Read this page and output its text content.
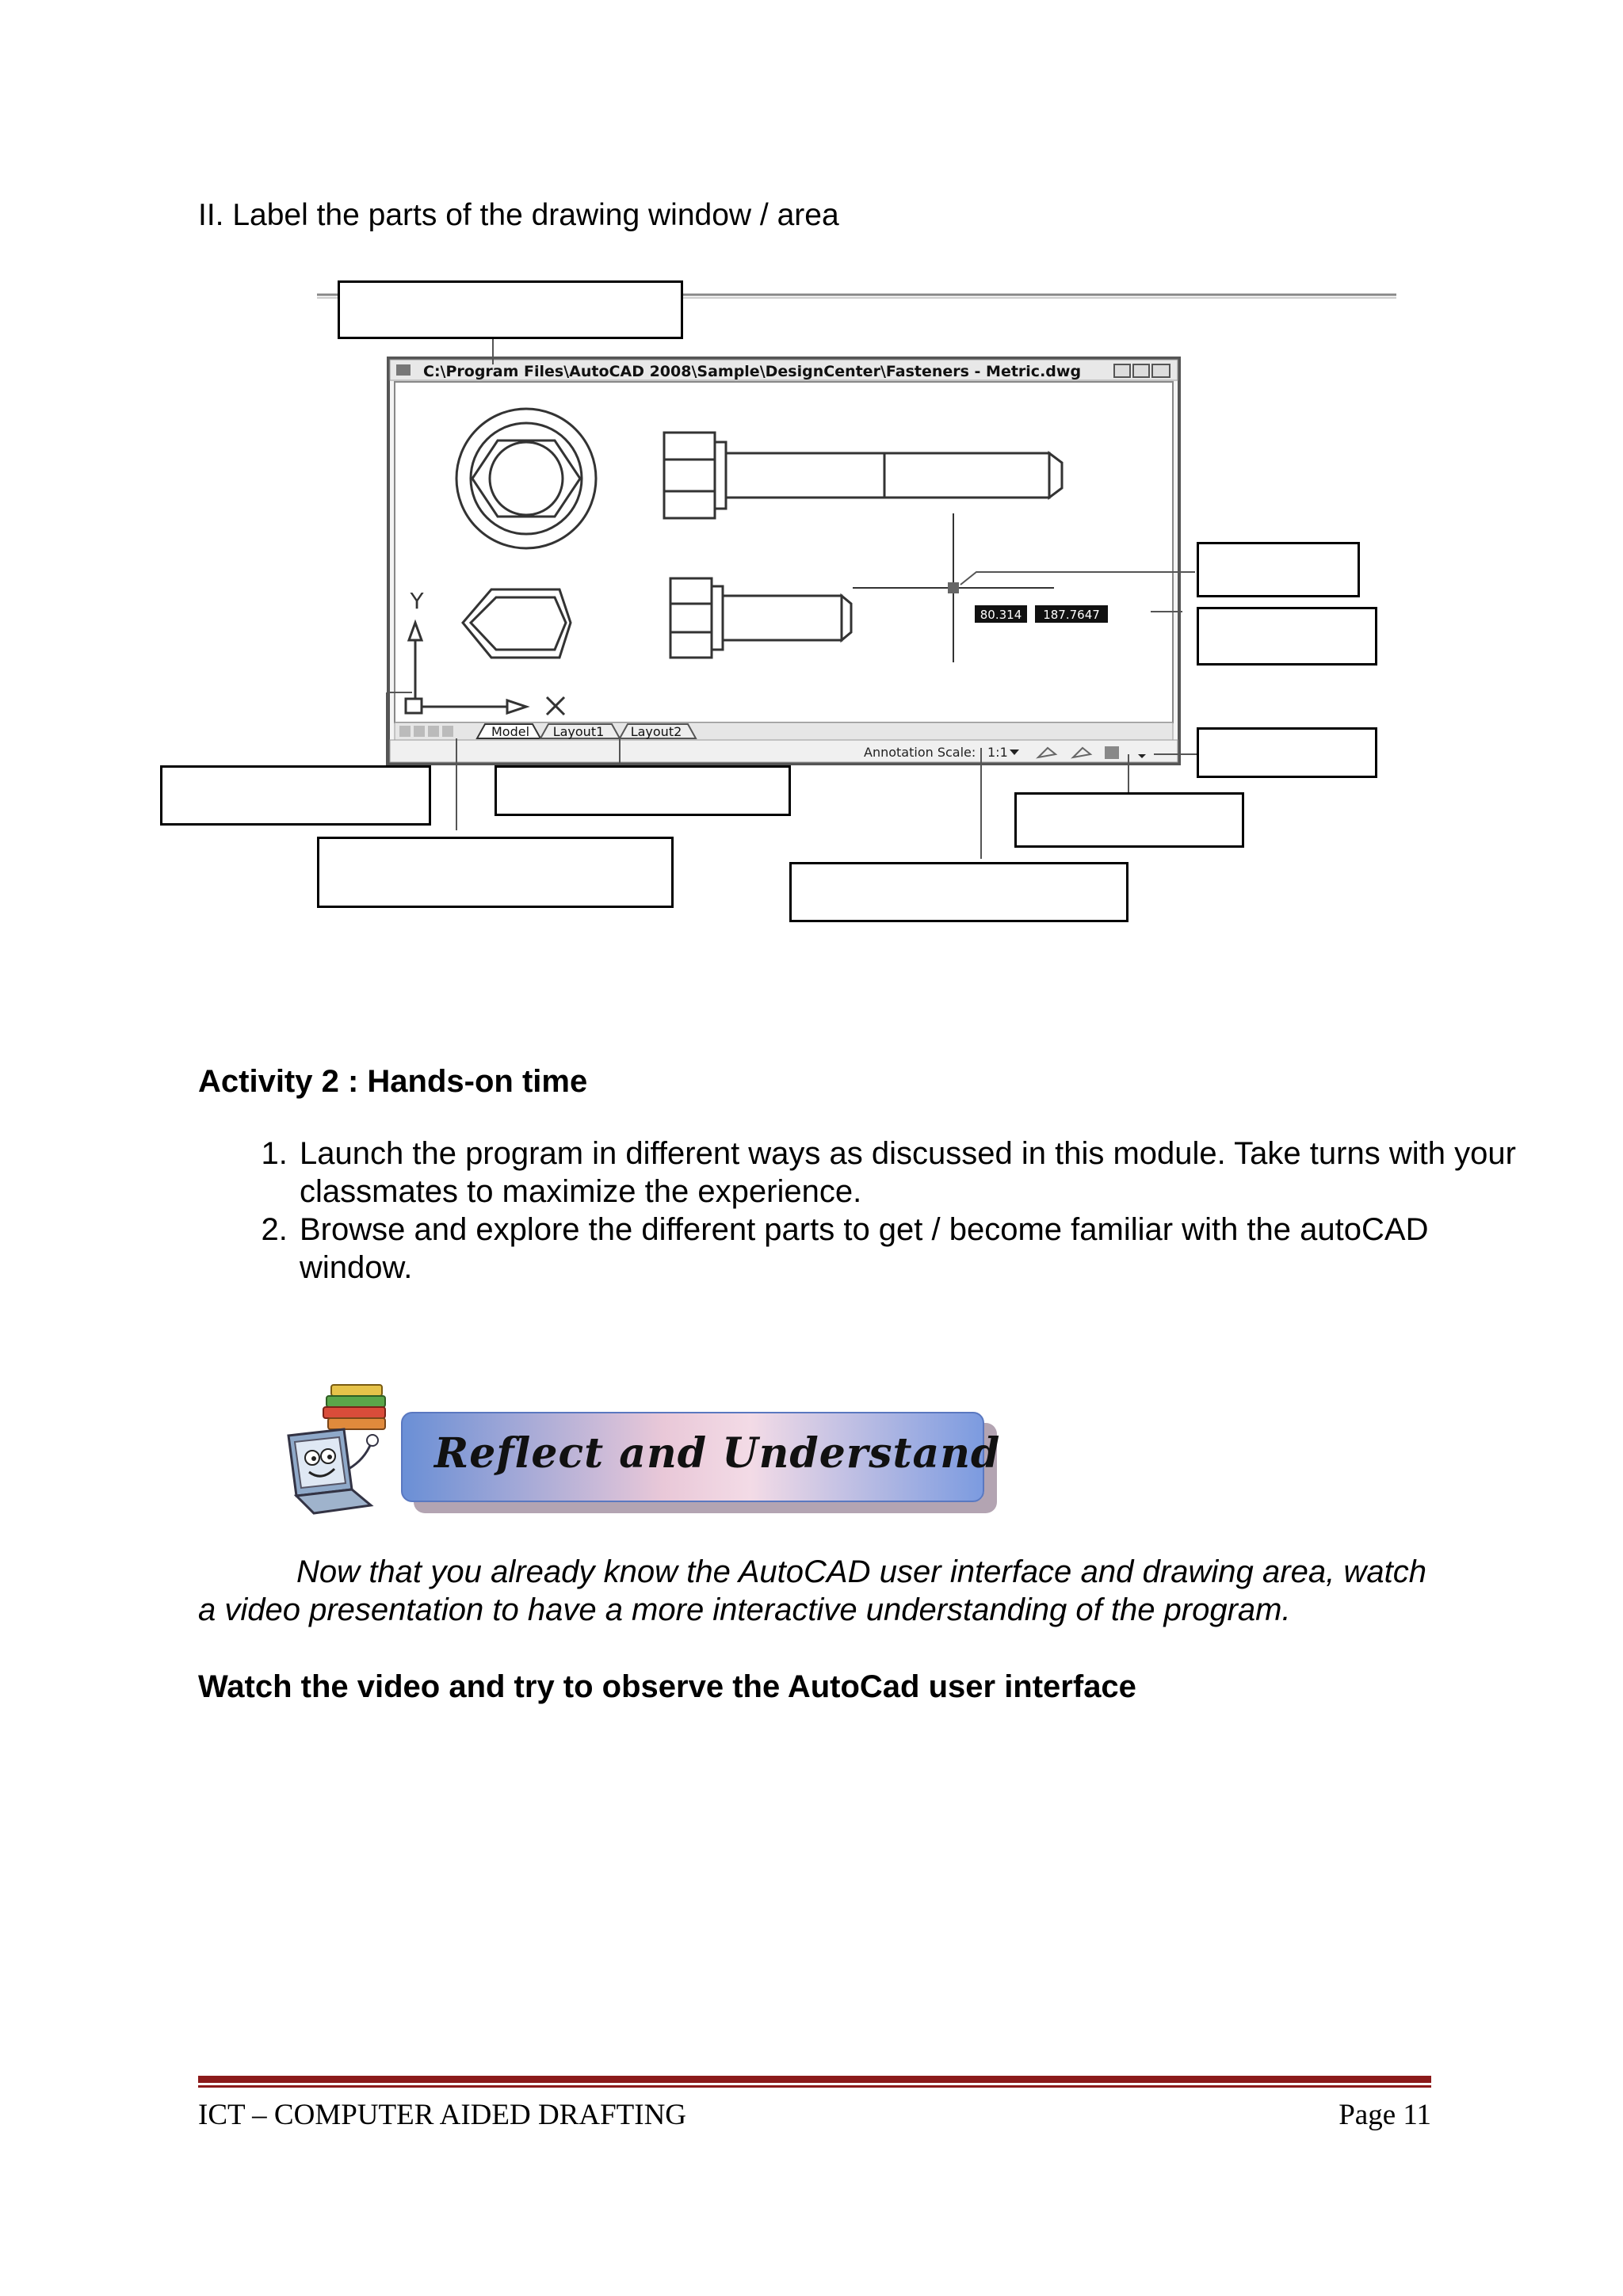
II. Label the parts of the drawing window / area
C:\Program Files\AutoCAD 2008\Sample\DesignCenter\Fasteners - Metric.dwg
80.314 187.7647
Y
Model Layout1 Layout2
Annotation Scale: 1:1
Activity 2 : Hands-on time
1. Launch the program in different ways as discussed in this module. Take turns with your classmates to maximize the experience.
2. Browse and explore the different parts to get / become familiar with the autoCAD window.
Reflect and Understand
Now that you already know the AutoCAD user interface and drawing area, watch a video presentation to have a more interactive understanding of the program.
Watch the video and try to observe the AutoCad user interface
ICT – COMPUTER AIDED DRAFTING	Page 11
